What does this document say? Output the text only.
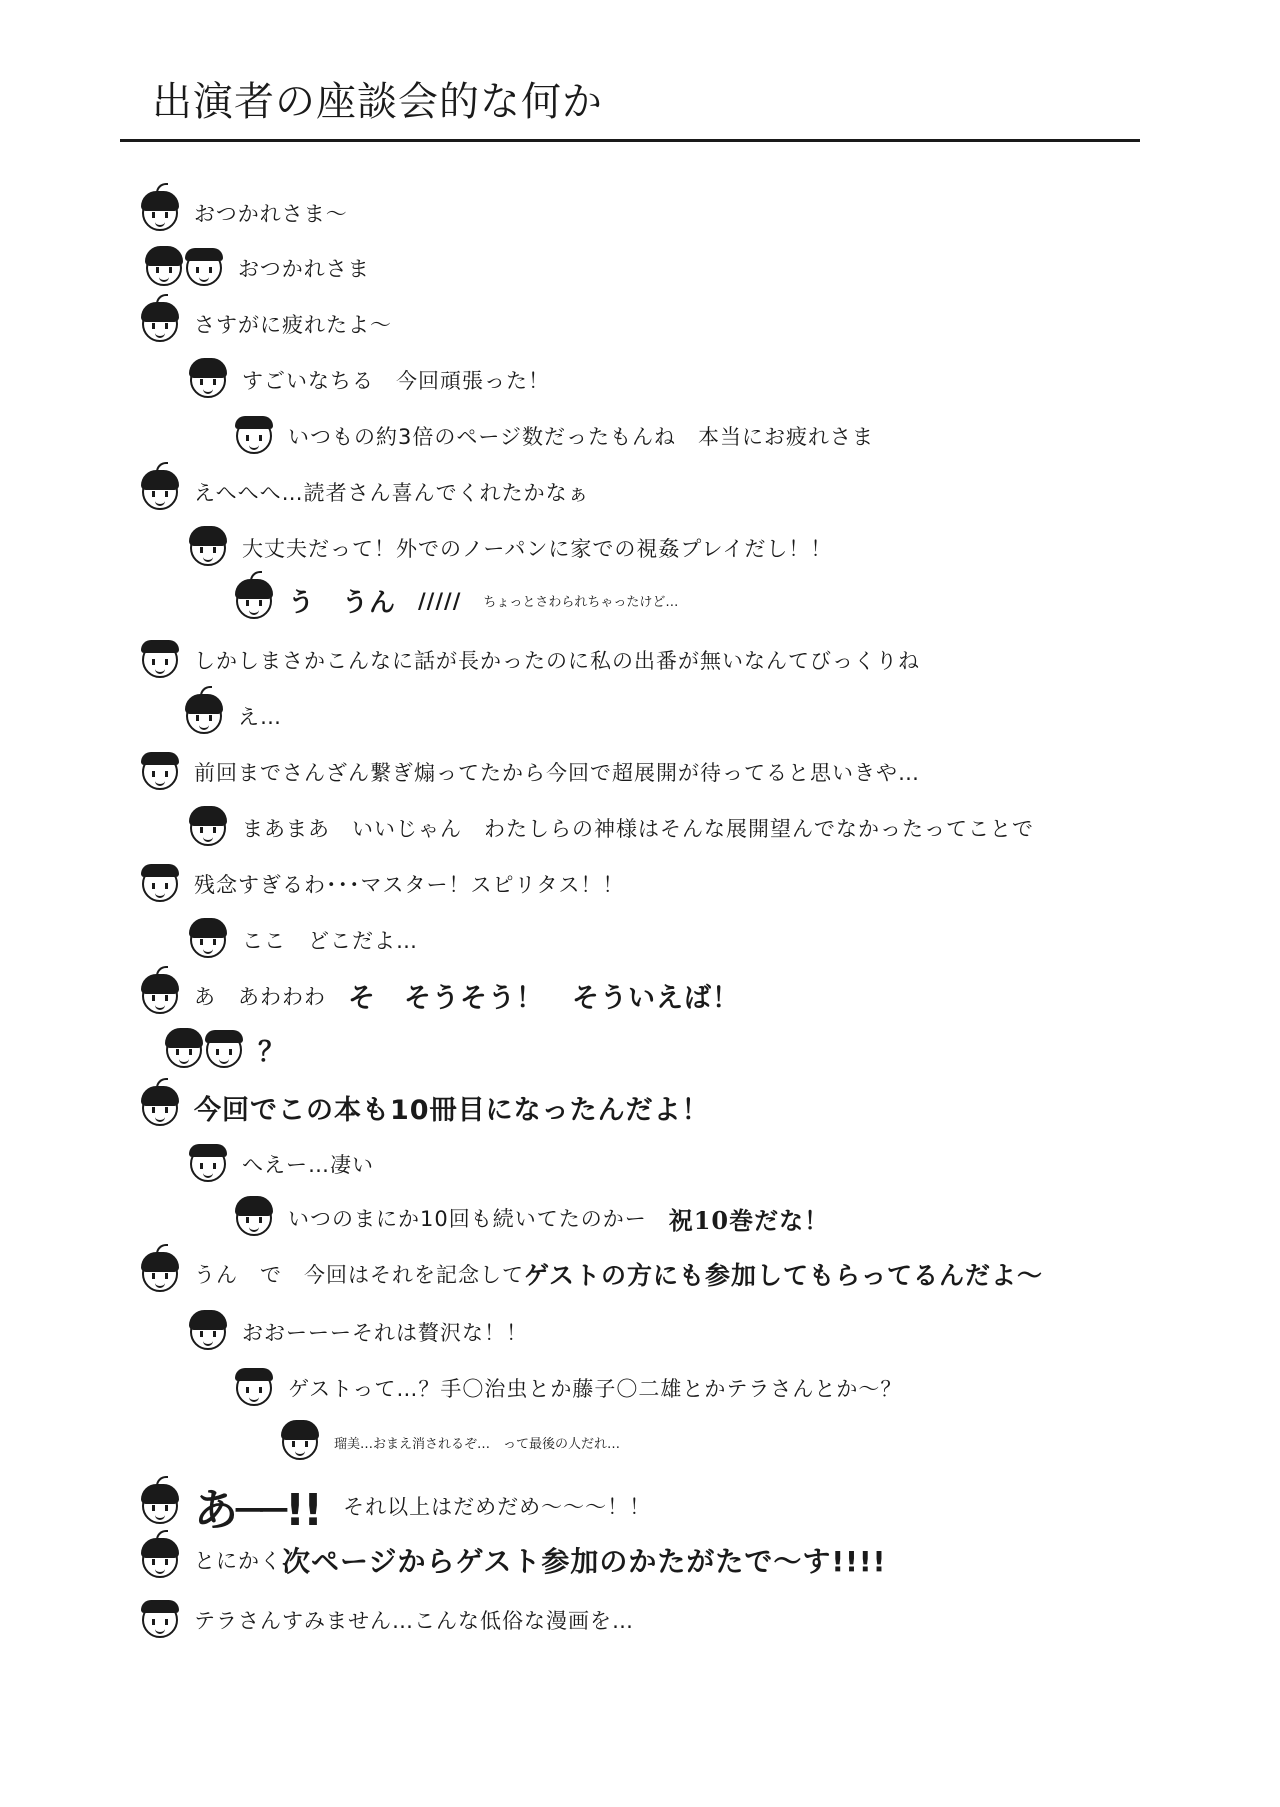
出演者の座談会的な何か
おつかれさま～
おつかれさま
さすがに疲れたよ～
すごいなちる　今回頑張った！
いつもの約3倍のページ数だったもんね　本当にお疲れさま
えへへへ…読者さん喜んでくれたかなぁ
大丈夫だって！外でのノーパンに家での視姦プレイだし！！
う　うん ///// ちょっとさわられちゃったけど…
しかしまさかこんなに話が長かったのに私の出番が無いなんてびっくりね
え…
前回までさんざん繋ぎ煽ってたから今回で超展開が待ってると思いきや…
まあまあ　いいじゃん　わたしらの神様はそんな展開望んでなかったってことで
残念すぎるわ･･･マスター！スピリタス！！
ここ　どこだよ…
あ　あわわわ そ　そうそう！　そういえば！
？
今回でこの本も10冊目になったんだよ！
へえー…凄い
いつのまにか10回も続いてたのかー 祝10巻だな！
うん　で　今回はそれを記念して ゲストの方にも参加してもらってるんだよ～
おおーーーそれは贅沢な！！
ゲストって…？手〇治虫とか藤子〇二雄とかテラさんとか～？
瑠美…おまえ消されるぞ…　って最後の人だれ…
あ──!! それ以上はだめだめ～～～！！
とにかく 次ページからゲスト参加のかたがたで～す!!!!
テラさんすみません…こんな低俗な漫画を…
